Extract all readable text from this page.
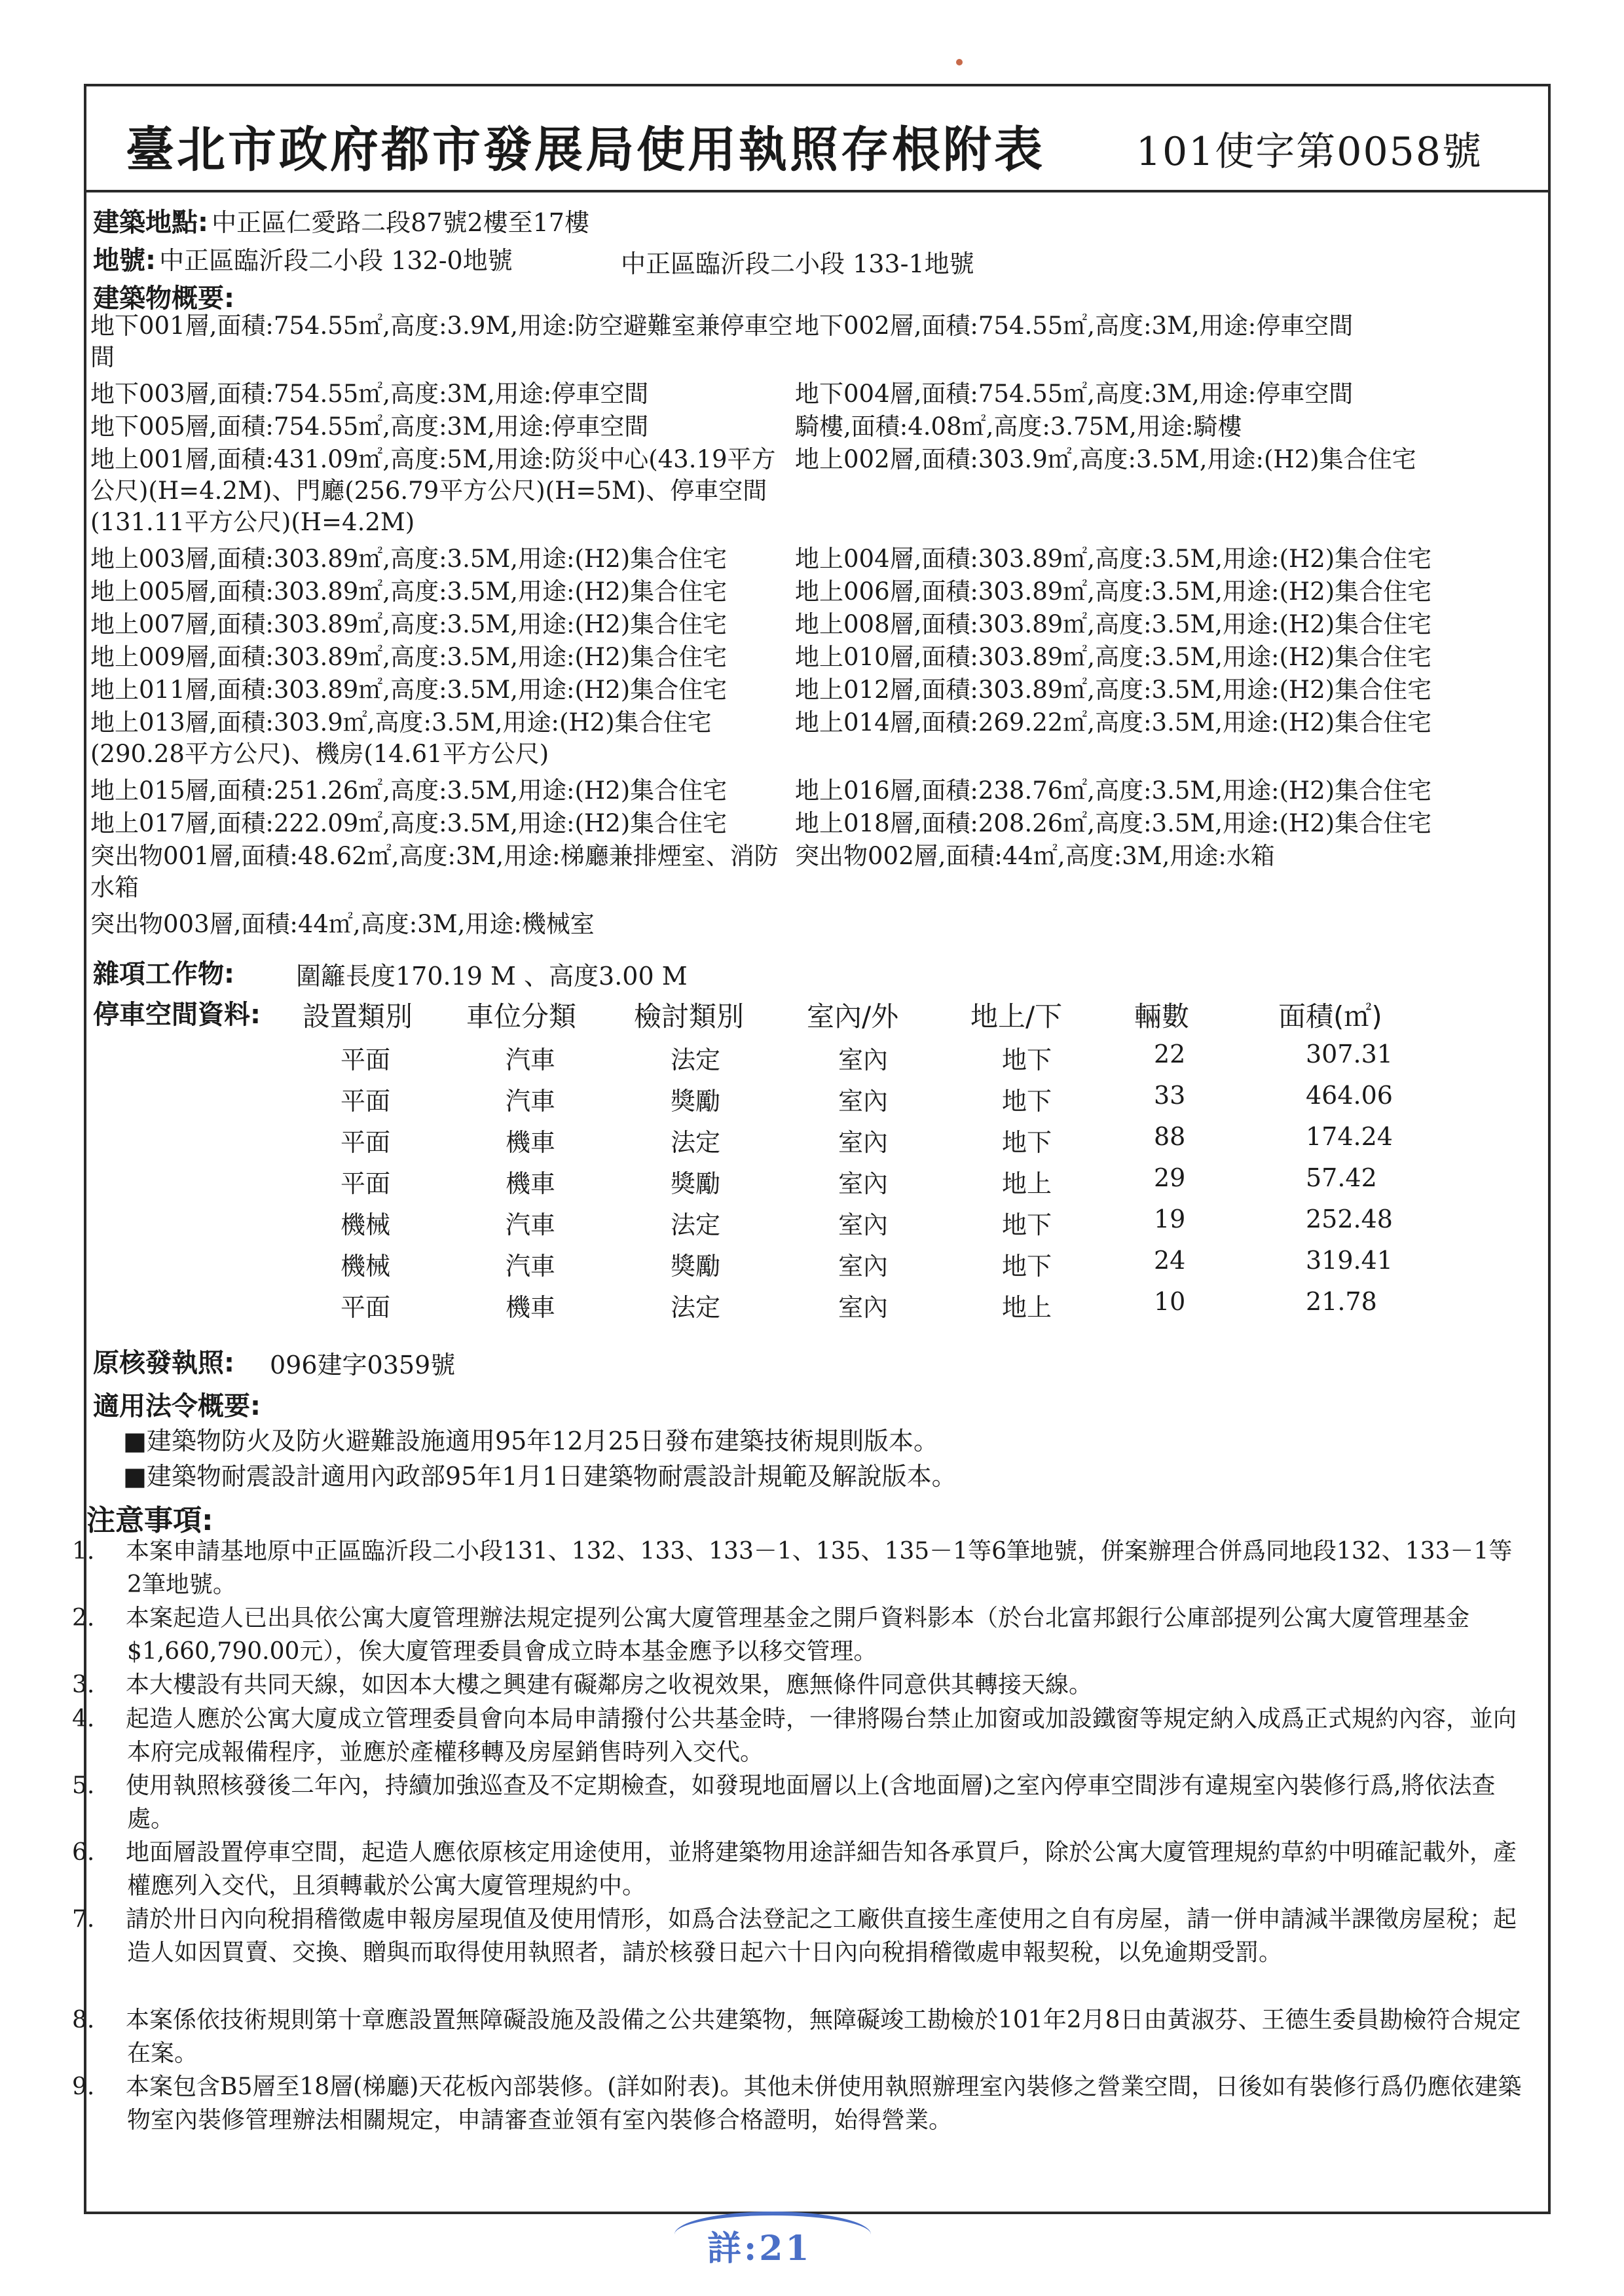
臺北市政府都市發展局使用執照存根附表 101使字第0058號
建築地點: 中正區仁愛路二段87號2樓至17樓
地號: 中正區臨沂段二小段 132-0地號	中正區臨沂段二小段 133-1地號
建築物概要:
地下001層,面積:754.55㎡,高度:3.9M,用途:防空避難室兼停車空間
地下002層,面積:754.55㎡,高度:3M,用途:停車空間
地下003層,面積:754.55㎡,高度:3M,用途:停車空間	地下004層,面積:754.55㎡,高度:3M,用途:停車空間
地下005層,面積:754.55㎡,高度:3M,用途:停車空間	騎樓,面積:4.08㎡,高度:3.75M,用途:騎樓
地上001層,面積:431.09㎡,高度:5M,用途:防災中心(43.19平方公尺)(H=4.2M)、門廳(256.79平方公尺)(H=5M)、停車空間(131.11平方公尺)(H=4.2M)
地上002層,面積:303.9㎡,高度:3.5M,用途:(H2)集合住宅
地上003層,面積:303.89㎡,高度:3.5M,用途:(H2)集合住宅	地上004層,面積:303.89㎡,高度:3.5M,用途:(H2)集合住宅
地上005層,面積:303.89㎡,高度:3.5M,用途:(H2)集合住宅	地上006層,面積:303.89㎡,高度:3.5M,用途:(H2)集合住宅
地上007層,面積:303.89㎡,高度:3.5M,用途:(H2)集合住宅	地上008層,面積:303.89㎡,高度:3.5M,用途:(H2)集合住宅
地上009層,面積:303.89㎡,高度:3.5M,用途:(H2)集合住宅	地上010層,面積:303.89㎡,高度:3.5M,用途:(H2)集合住宅
地上011層,面積:303.89㎡,高度:3.5M,用途:(H2)集合住宅	地上012層,面積:303.89㎡,高度:3.5M,用途:(H2)集合住宅
地上013層,面積:303.9㎡,高度:3.5M,用途:(H2)集合住宅(290.28平方公尺)、機房(14.61平方公尺)
地上014層,面積:269.22㎡,高度:3.5M,用途:(H2)集合住宅
地上015層,面積:251.26㎡,高度:3.5M,用途:(H2)集合住宅	地上016層,面積:238.76㎡,高度:3.5M,用途:(H2)集合住宅
地上017層,面積:222.09㎡,高度:3.5M,用途:(H2)集合住宅	地上018層,面積:208.26㎡,高度:3.5M,用途:(H2)集合住宅
突出物001層,面積:48.62㎡,高度:3M,用途:梯廳兼排煙室、消防水箱
突出物002層,面積:44㎡,高度:3M,用途:水箱
突出物003層,面積:44㎡,高度:3M,用途:機械室
雜項工作物: 圍籬長度170.19 M 、高度3.00 M
停車空間資料: 設置類別 車位分類 檢討類別 室內/外	地上/下	輛數	面積(㎡)
平面	汽車	法定	室內	地下	22	307.31
平面	汽車	獎勵	室內	地下	33	464.06
平面	機車	法定	室內	地下	88	174.24
平面	機車	獎勵	室內	地上	29	57.42
機械	汽車	法定	室內	地下	19	252.48
機械	汽車	獎勵	室內	地下	24	319.41
平面	機車	法定	室內	地上	10	21.78
原核發執照: 096建字0359號
適用法令概要:
■建築物防火及防火避難設施適用95年12月25日發布建築技術規則版本。
■建築物耐震設計適用內政部95年1月1日建築物耐震設計規範及解說版本。
注意事項:
1. 本案申請基地原中正區臨沂段二小段131、132、133、133－1、135、135－1等6筆地號，併案辦理合併爲同地段132、133－1等2筆地號。
2. 本案起造人已出具依公寓大廈管理辦法規定提列公寓大廈管理基金之開戶資料影本（於台北富邦銀行公庫部提列公寓大廈管理基金$1,660,790.00元），俟大廈管理委員會成立時本基金應予以移交管理。
3. 本大樓設有共同天線，如因本大樓之興建有礙鄰房之收視效果，應無條件同意供其轉接天線。
4. 起造人應於公寓大廈成立管理委員會向本局申請撥付公共基金時，一律將陽台禁止加窗或加設鐵窗等規定納入成爲正式規約內容，並向本府完成報備程序，並應於產權移轉及房屋銷售時列入交代。
5. 使用執照核發後二年內，持續加強巡查及不定期檢查，如發現地面層以上(含地面層)之室內停車空間涉有違規室內裝修行爲,將依法查處。
6. 地面層設置停車空間，起造人應依原核定用途使用，並將建築物用途詳細告知各承買戶，除於公寓大廈管理規約草約中明確記載外，產權應列入交代，且須轉載於公寓大廈管理規約中。
7. 請於卅日內向稅捐稽徵處申報房屋現值及使用情形，如爲合法登記之工廠供直接生產使用之自有房屋，請一併申請減半課徵房屋稅；起造人如因買賣、交換、贈與而取得使用執照者，請於核發日起六十日內向稅捐稽徵處申報契稅，以免逾期受罰。
8. 本案係依技術規則第十章應設置無障礙設施及設備之公共建築物，無障礙竣工勘檢於101年2月8日由黃淑芬、王德生委員勘檢符合規定在案。
9. 本案包含B5層至18層(梯廳)天花板內部裝修。(詳如附表)。其他未併使用執照辦理室內裝修之營業空間，日後如有裝修行爲仍應依建築物室內裝修管理辦法相關規定，申請審查並領有室內裝修合格證明，始得營業。
詳:21
